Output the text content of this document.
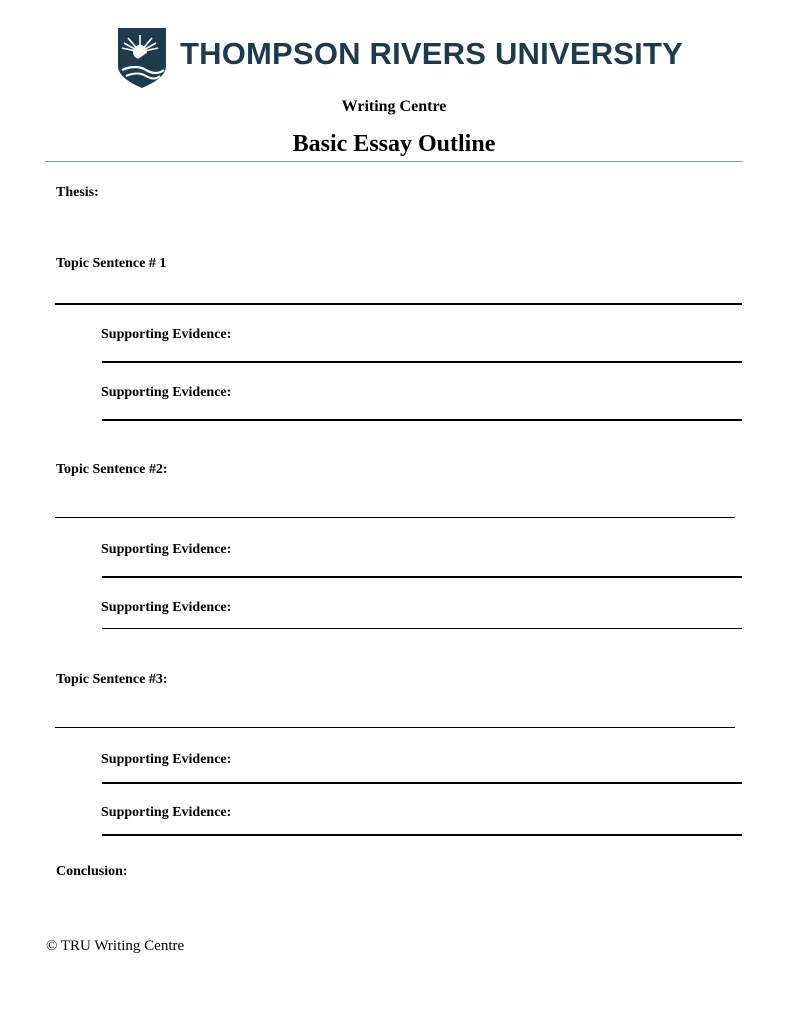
THOMPSON RIVERS UNIVERSITY
Writing Centre
Basic Essay Outline
Thesis:
Topic Sentence # 1
Supporting Evidence:
Supporting Evidence:
Topic Sentence #2:
Supporting Evidence:
Supporting Evidence:
Topic Sentence #3:
Supporting Evidence:
Supporting Evidence:
Conclusion:
© TRU Writing Centre
